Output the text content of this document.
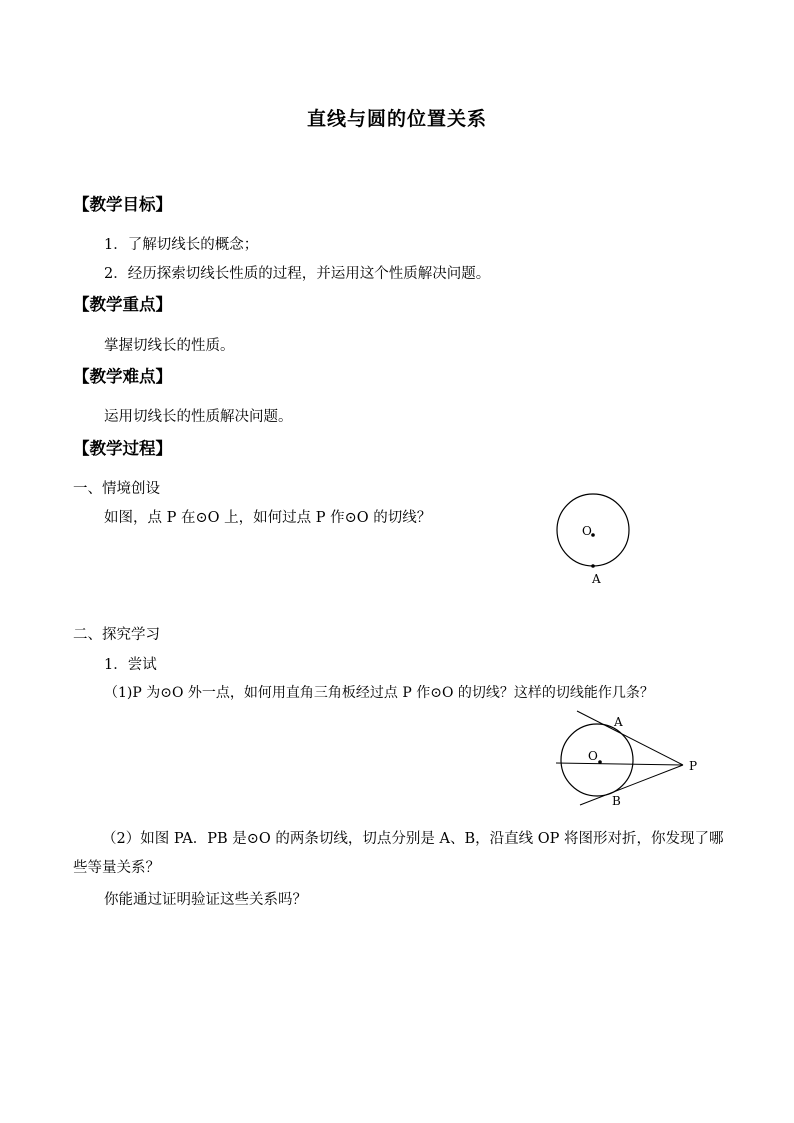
直线与圆的位置关系
【教学目标】
1．了解切线长的概念；
2．经历探索切线长性质的过程，并运用这个性质解决问题。
【教学重点】
掌握切线长的性质。
【教学难点】
运用切线长的性质解决问题。
【教学过程】
一、情境创设
如图，点 P 在⊙O 上，如何过点 P 作⊙O 的切线？
O
A
二、探究学习
1．尝试
（1)P 为⊙O 外一点，如何用直角三角板经过点 P 作⊙O 的切线？这样的切线能作几条？
O
A
B
P

（2）如图 PA．PB 是⊙O 的两条切线，切点分别是 A、B，沿直线 OP 将图形对折，你发现了哪些等量关系？

你能通过证明验证这些关系吗？
